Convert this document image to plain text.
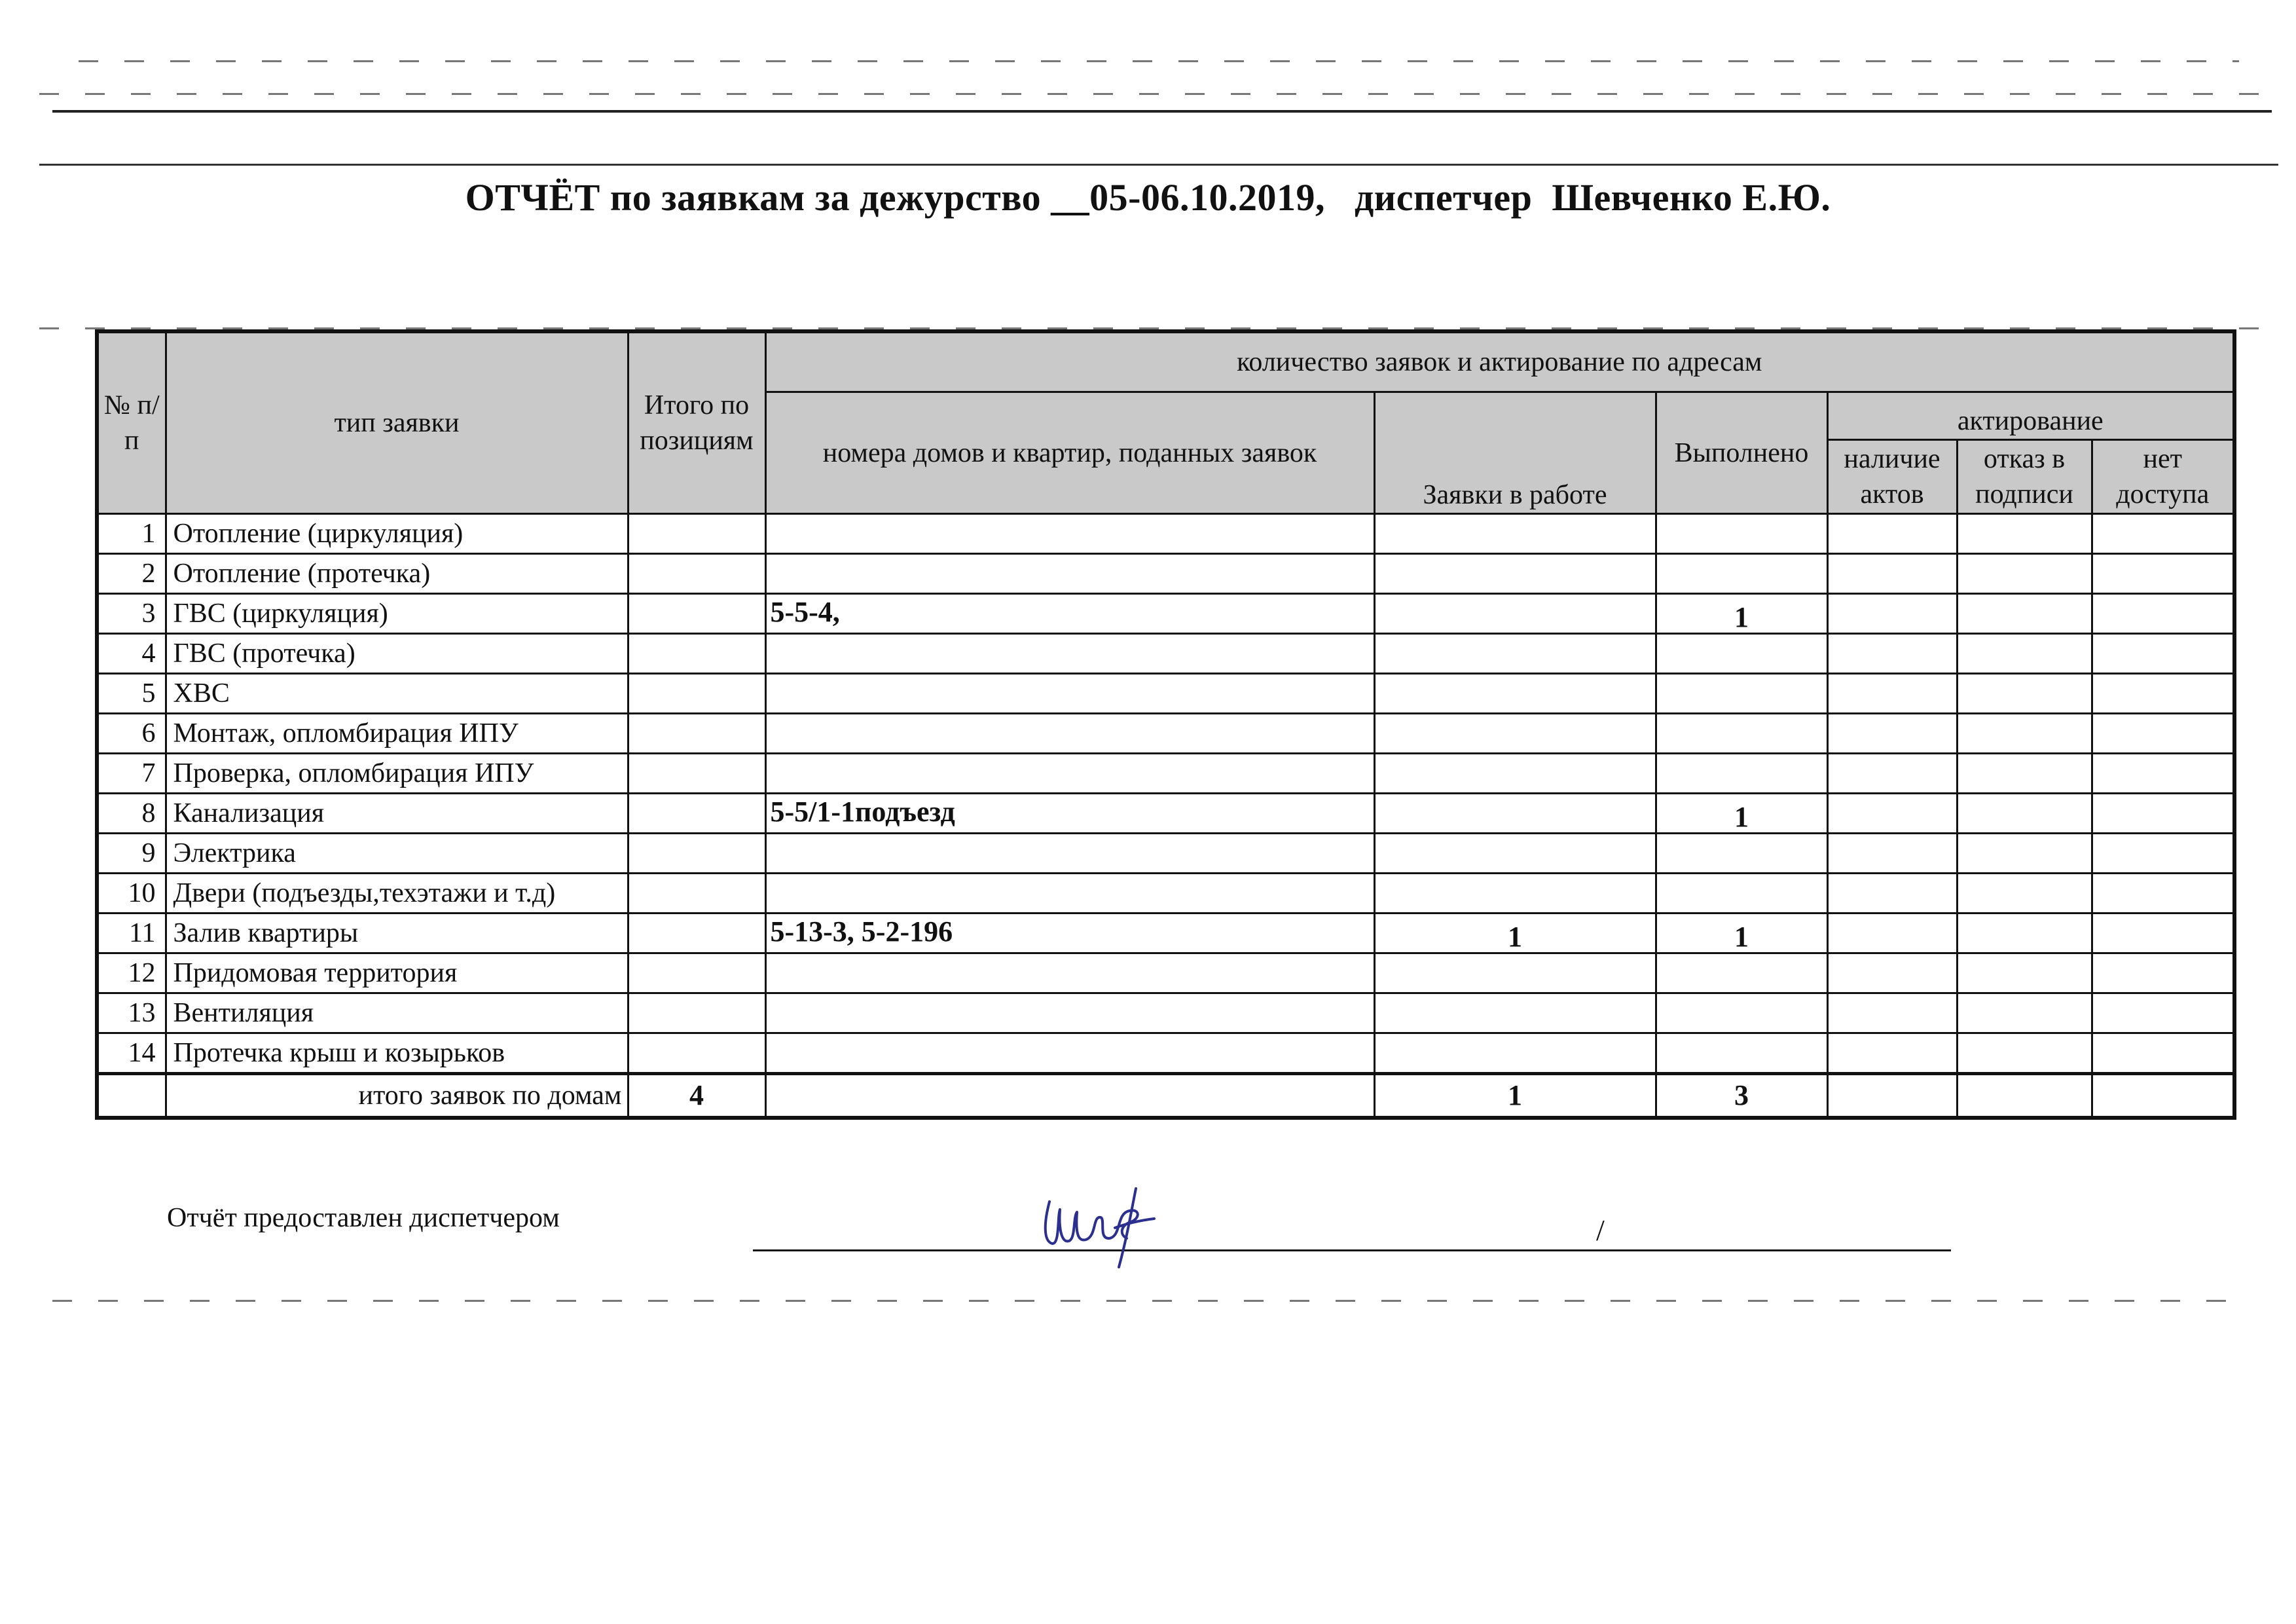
ОТЧЁТ по заявкам за дежурство __05-06.10.2019,   диспетчер  Шевченко Е.Ю.
№ п/п	тип заявки	Итого по позициям	количество заявок и актирование по адресам					
			номера домов и квартир, поданных заявок	Заявки в работе	Выполнено	актирование		
						наличие актов	отказ в подписи	нет доступа
1	Отопление (циркуляция)							
2	Отопление (протечка)							
3	ГВС (циркуляция)		5-5-4,		1			
4	ГВС (протечка)							
5	ХВС							
6	Монтаж, опломбирация ИПУ							
7	Проверка, опломбирация ИПУ							
8	Канализация		5-5/1-1подъезд		1			
9	Электрика							
10	Двери (подъезды,техэтажи и т.д)							
11	Залив квартиры		5-13-3, 5-2-196	1	1			
12	Придомовая территория							
13	Вентиляция							
14	Протечка крыш и козырьков							
	итого заявок по домам	4		1	3			
Отчёт предоставлен диспетчером	/
